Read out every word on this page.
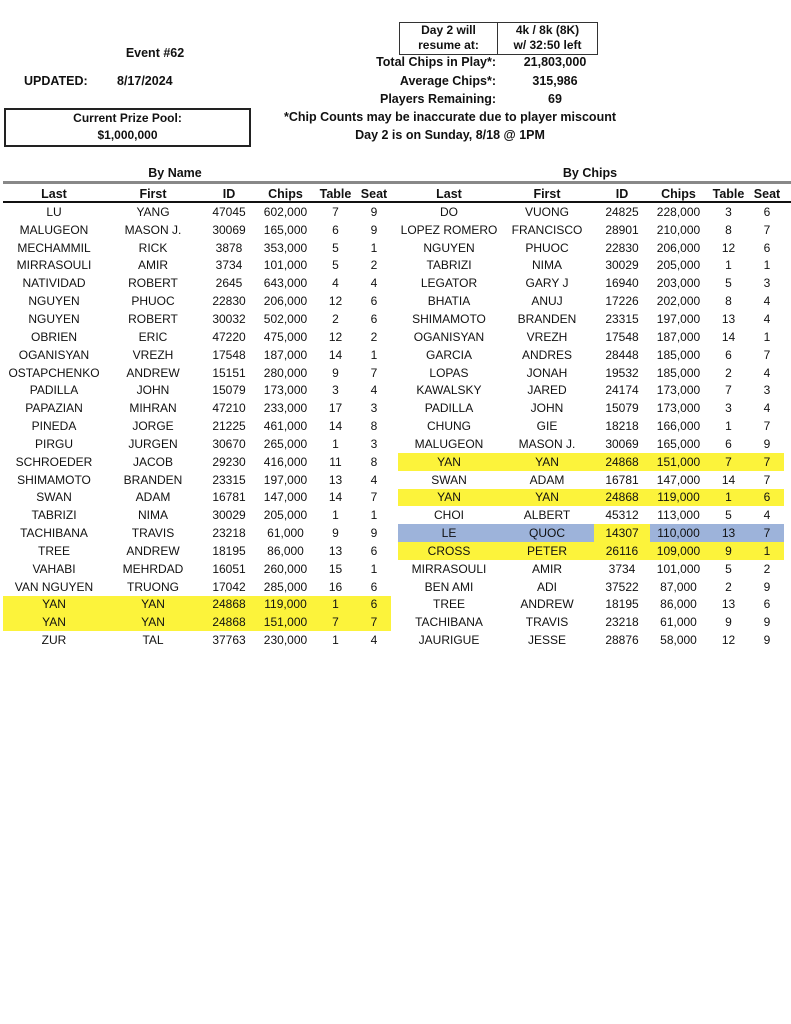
Event #62
UPDATED: 8/17/2024
Current Prize Pool:
$1,000,000
Day 2 will
resume at:
4k / 8k (8K)
w/ 32:50 left
Total Chips in Play*:	21,803,000
Average Chips*:	315,986
Players Remaining:	69
*Chip Counts may be inaccurate due to player miscount
Day 2 is on Sunday, 8/18 @ 1PM
By Name	By Chips
Last	First	ID	Chips	Table	Seat
LU	YANG	47045	602,000	7	9
MALUGEON	MASON J.	30069	165,000	6	9
MECHAMMIL	RICK	3878	353,000	5	1
MIRRASOULI	AMIR	3734	101,000	5	2
NATIVIDAD	ROBERT	2645	643,000	4	4
NGUYEN	PHUOC	22830	206,000	12	6
NGUYEN	ROBERT	30032	502,000	2	6
OBRIEN	ERIC	47220	475,000	12	2
OGANISYAN	VREZH	17548	187,000	14	1
OSTAPCHENKO	ANDREW	15151	280,000	9	7
PADILLA	JOHN	15079	173,000	3	4
PAPAZIAN	MIHRAN	47210	233,000	17	3
PINEDA	JORGE	21225	461,000	14	8
PIRGU	JURGEN	30670	265,000	1	3
SCHROEDER	JACOB	29230	416,000	11	8
SHIMAMOTO	BRANDEN	23315	197,000	13	4
SWAN	ADAM	16781	147,000	14	7
TABRIZI	NIMA	30029	205,000	1	1
TACHIBANA	TRAVIS	23218	61,000	9	9
TREE	ANDREW	18195	86,000	13	6
VAHABI	MEHRDAD	16051	260,000	15	1
VAN NGUYEN	TRUONG	17042	285,000	16	6
YAN	YAN	24868	119,000	1	6
YAN	YAN	24868	151,000	7	7
ZUR	TAL	37763	230,000	1	4
Last	First	ID	Chips	Table	Seat
DO	VUONG	24825	228,000	3	6
LOPEZ ROMERO	FRANCISCO	28901	210,000	8	7
NGUYEN	PHUOC	22830	206,000	12	6
TABRIZI	NIMA	30029	205,000	1	1
LEGATOR	GARY J	16940	203,000	5	3
BHATIA	ANUJ	17226	202,000	8	4
SHIMAMOTO	BRANDEN	23315	197,000	13	4
OGANISYAN	VREZH	17548	187,000	14	1
GARCIA	ANDRES	28448	185,000	6	7
LOPAS	JONAH	19532	185,000	2	4
KAWALSKY	JARED	24174	173,000	7	3
PADILLA	JOHN	15079	173,000	3	4
CHUNG	GIE	18218	166,000	1	7
MALUGEON	MASON J.	30069	165,000	6	9
YAN	YAN	24868	151,000	7	7
SWAN	ADAM	16781	147,000	14	7
YAN	YAN	24868	119,000	1	6
CHOI	ALBERT	45312	113,000	5	4
LE	QUOC	14307	110,000	13	7
CROSS	PETER	26116	109,000	9	1
MIRRASOULI	AMIR	3734	101,000	5	2
BEN AMI	ADI	37522	87,000	2	9
TREE	ANDREW	18195	86,000	13	6
TACHIBANA	TRAVIS	23218	61,000	9	9
JAURIGUE	JESSE	28876	58,000	12	9
